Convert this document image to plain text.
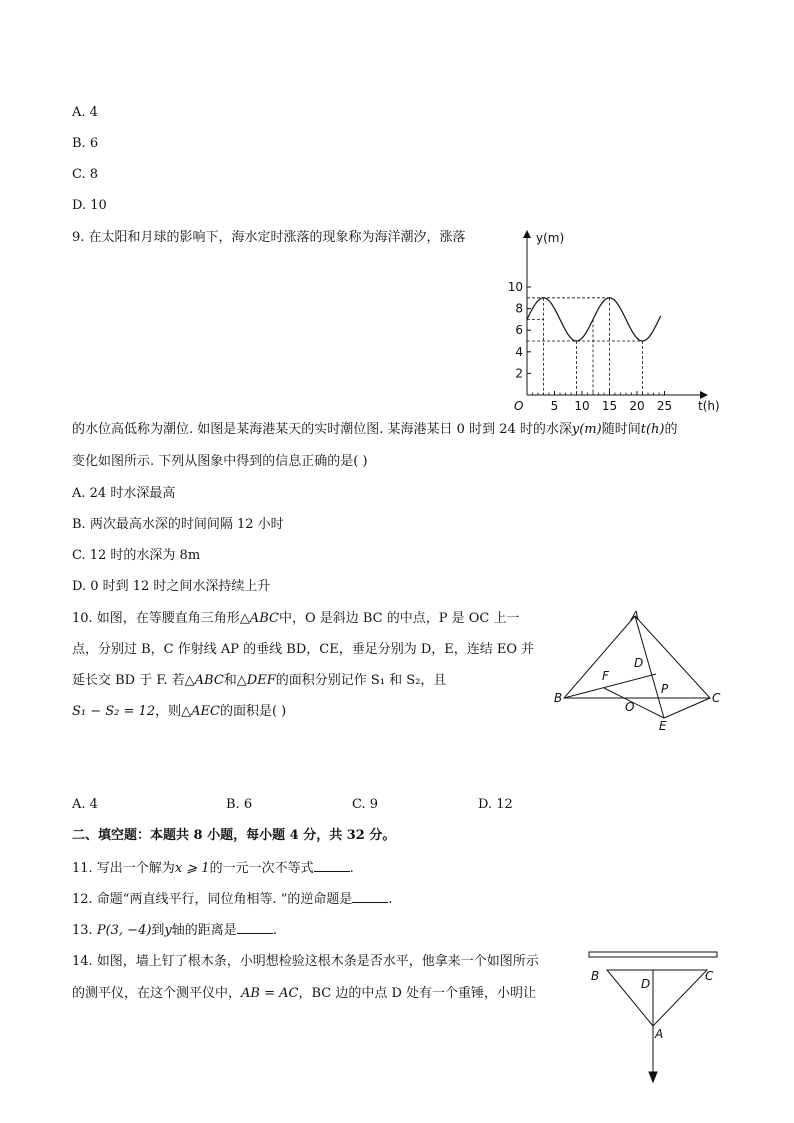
A. 4
B. 6
C. 8
D. 10
9. 在太阳和月球的影响下，海水定时涨落的现象称为海洋潮汐，涨落
2
4
6
8
10
5 10 15 20 25
O
y(m)
t(h)
的水位高低称为潮位. 如图是某海港某天的实时潮位图. 某海港某日 0 时到 24 时的水深y(m)随时间t(h)的
变化如图所示. 下列从图象中得到的信息正确的是( )
A. 24 时水深最高
B. 两次最高水深的时间间隔 12 小时
C. 12 时的水深为 8m
D. 0 时到 12 时之间水深持续上升
10. 如图，在等腰直角三角形△ABC中，O 是斜边 BC 的中点，P 是 OC 上一
点，分别过 B，C 作射线 AP 的垂线 BD，CE，垂足分别为 D，E，连结 EO 并
延长交 BD 于 F. 若△ABC和△DEF的面积分别记作 S₁ 和 S₂，且
S₁ − S₂ = 12，则△AEC的面积是( )
A
B	C
D
E
F
O
P
A. 4	B. 6	C. 9	D. 12
二、填空题：本题共 8 小题，每小题 4 分，共 32 分。
11. 写出一个解为x ⩾ 1的一元一次不等式	.
12. 命题“两直线平行，同位角相等. ”的逆命题是	.
13. P(3, −4)到y轴的距离是	.
14. 如图，墙上钉了根木条，小明想检验这根木条是否水平，他拿来一个如图所示
的测平仪，在这个测平仪中，AB = AC，BC 边的中点 D 处有一个重锤，小明让
B	C
D
A
